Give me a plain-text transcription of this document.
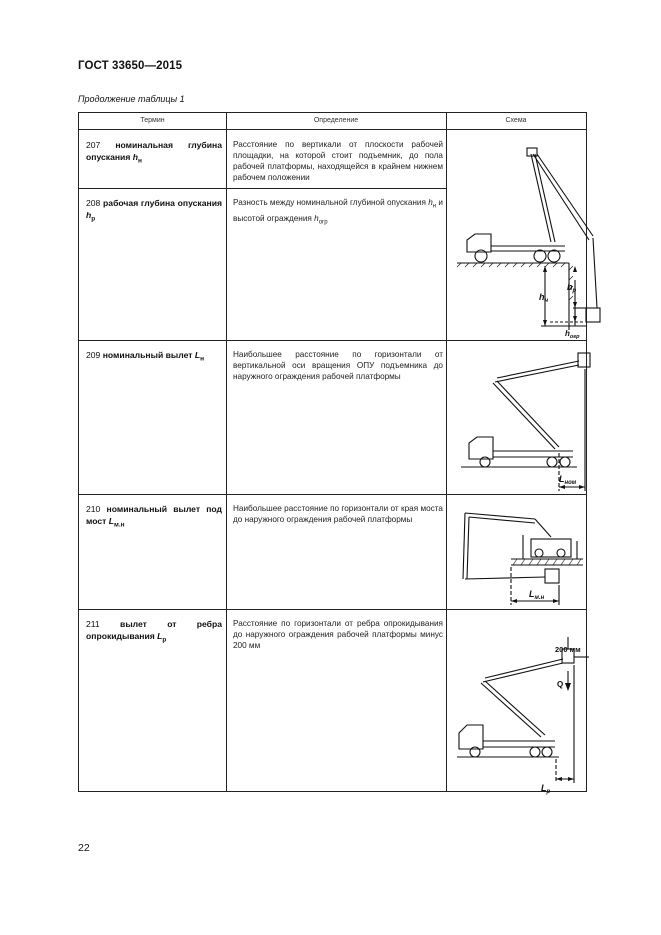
ГОСТ 33650—2015
Продолжение таблицы 1
Термин	Определение	Схема
207 номинальная глубина опускания $h_н$
Расстояние по вертикали от плоскости рабочей площадки, на которой стоит подъемник, до пола рабочей платформы, находящейся в крайнем нижнем рабочем положении
208 рабочая глубина опускания $h_р$
Разность между номинальной глубиной опускания $h_н$ и высотой ограждения $h_{огр}$
209 номинальный вылет $L_н$
Наибольшее расстояние по горизонтали от вертикальной оси вращения ОПУ подъемника до наружного ограждения рабочей платформы
210 номинальный вылет под мост $L_{м.н}$
Наибольшее расстояние по горизонтали от края моста до наружного ограждения рабочей платформы
211 вылет от ребра опрокидывания $L_р$
Расстояние по горизонтали от ребра опрокидывания до наружного ограждения рабочей платформы минус 200 мм
$h_н$
$h_р$
$h_{огр}$
$L_{ном}$
$L_{м.н}$
$L_р$
Q
200 мм
22
